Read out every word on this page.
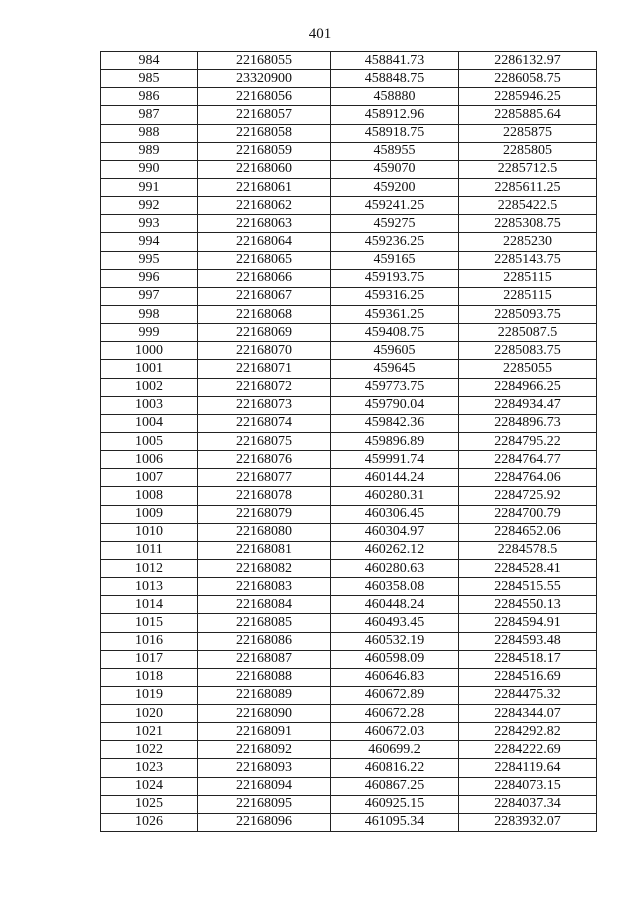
401
984	22168055	458841.73	2286132.97
985	23320900	458848.75	2286058.75
986	22168056	458880	2285946.25
987	22168057	458912.96	2285885.64
988	22168058	458918.75	2285875
989	22168059	458955	2285805
990	22168060	459070	2285712.5
991	22168061	459200	2285611.25
992	22168062	459241.25	2285422.5
993	22168063	459275	2285308.75
994	22168064	459236.25	2285230
995	22168065	459165	2285143.75
996	22168066	459193.75	2285115
997	22168067	459316.25	2285115
998	22168068	459361.25	2285093.75
999	22168069	459408.75	2285087.5
1000	22168070	459605	2285083.75
1001	22168071	459645	2285055
1002	22168072	459773.75	2284966.25
1003	22168073	459790.04	2284934.47
1004	22168074	459842.36	2284896.73
1005	22168075	459896.89	2284795.22
1006	22168076	459991.74	2284764.77
1007	22168077	460144.24	2284764.06
1008	22168078	460280.31	2284725.92
1009	22168079	460306.45	2284700.79
1010	22168080	460304.97	2284652.06
1011	22168081	460262.12	2284578.5
1012	22168082	460280.63	2284528.41
1013	22168083	460358.08	2284515.55
1014	22168084	460448.24	2284550.13
1015	22168085	460493.45	2284594.91
1016	22168086	460532.19	2284593.48
1017	22168087	460598.09	2284518.17
1018	22168088	460646.83	2284516.69
1019	22168089	460672.89	2284475.32
1020	22168090	460672.28	2284344.07
1021	22168091	460672.03	2284292.82
1022	22168092	460699.2	2284222.69
1023	22168093	460816.22	2284119.64
1024	22168094	460867.25	2284073.15
1025	22168095	460925.15	2284037.34
1026	22168096	461095.34	2283932.07
